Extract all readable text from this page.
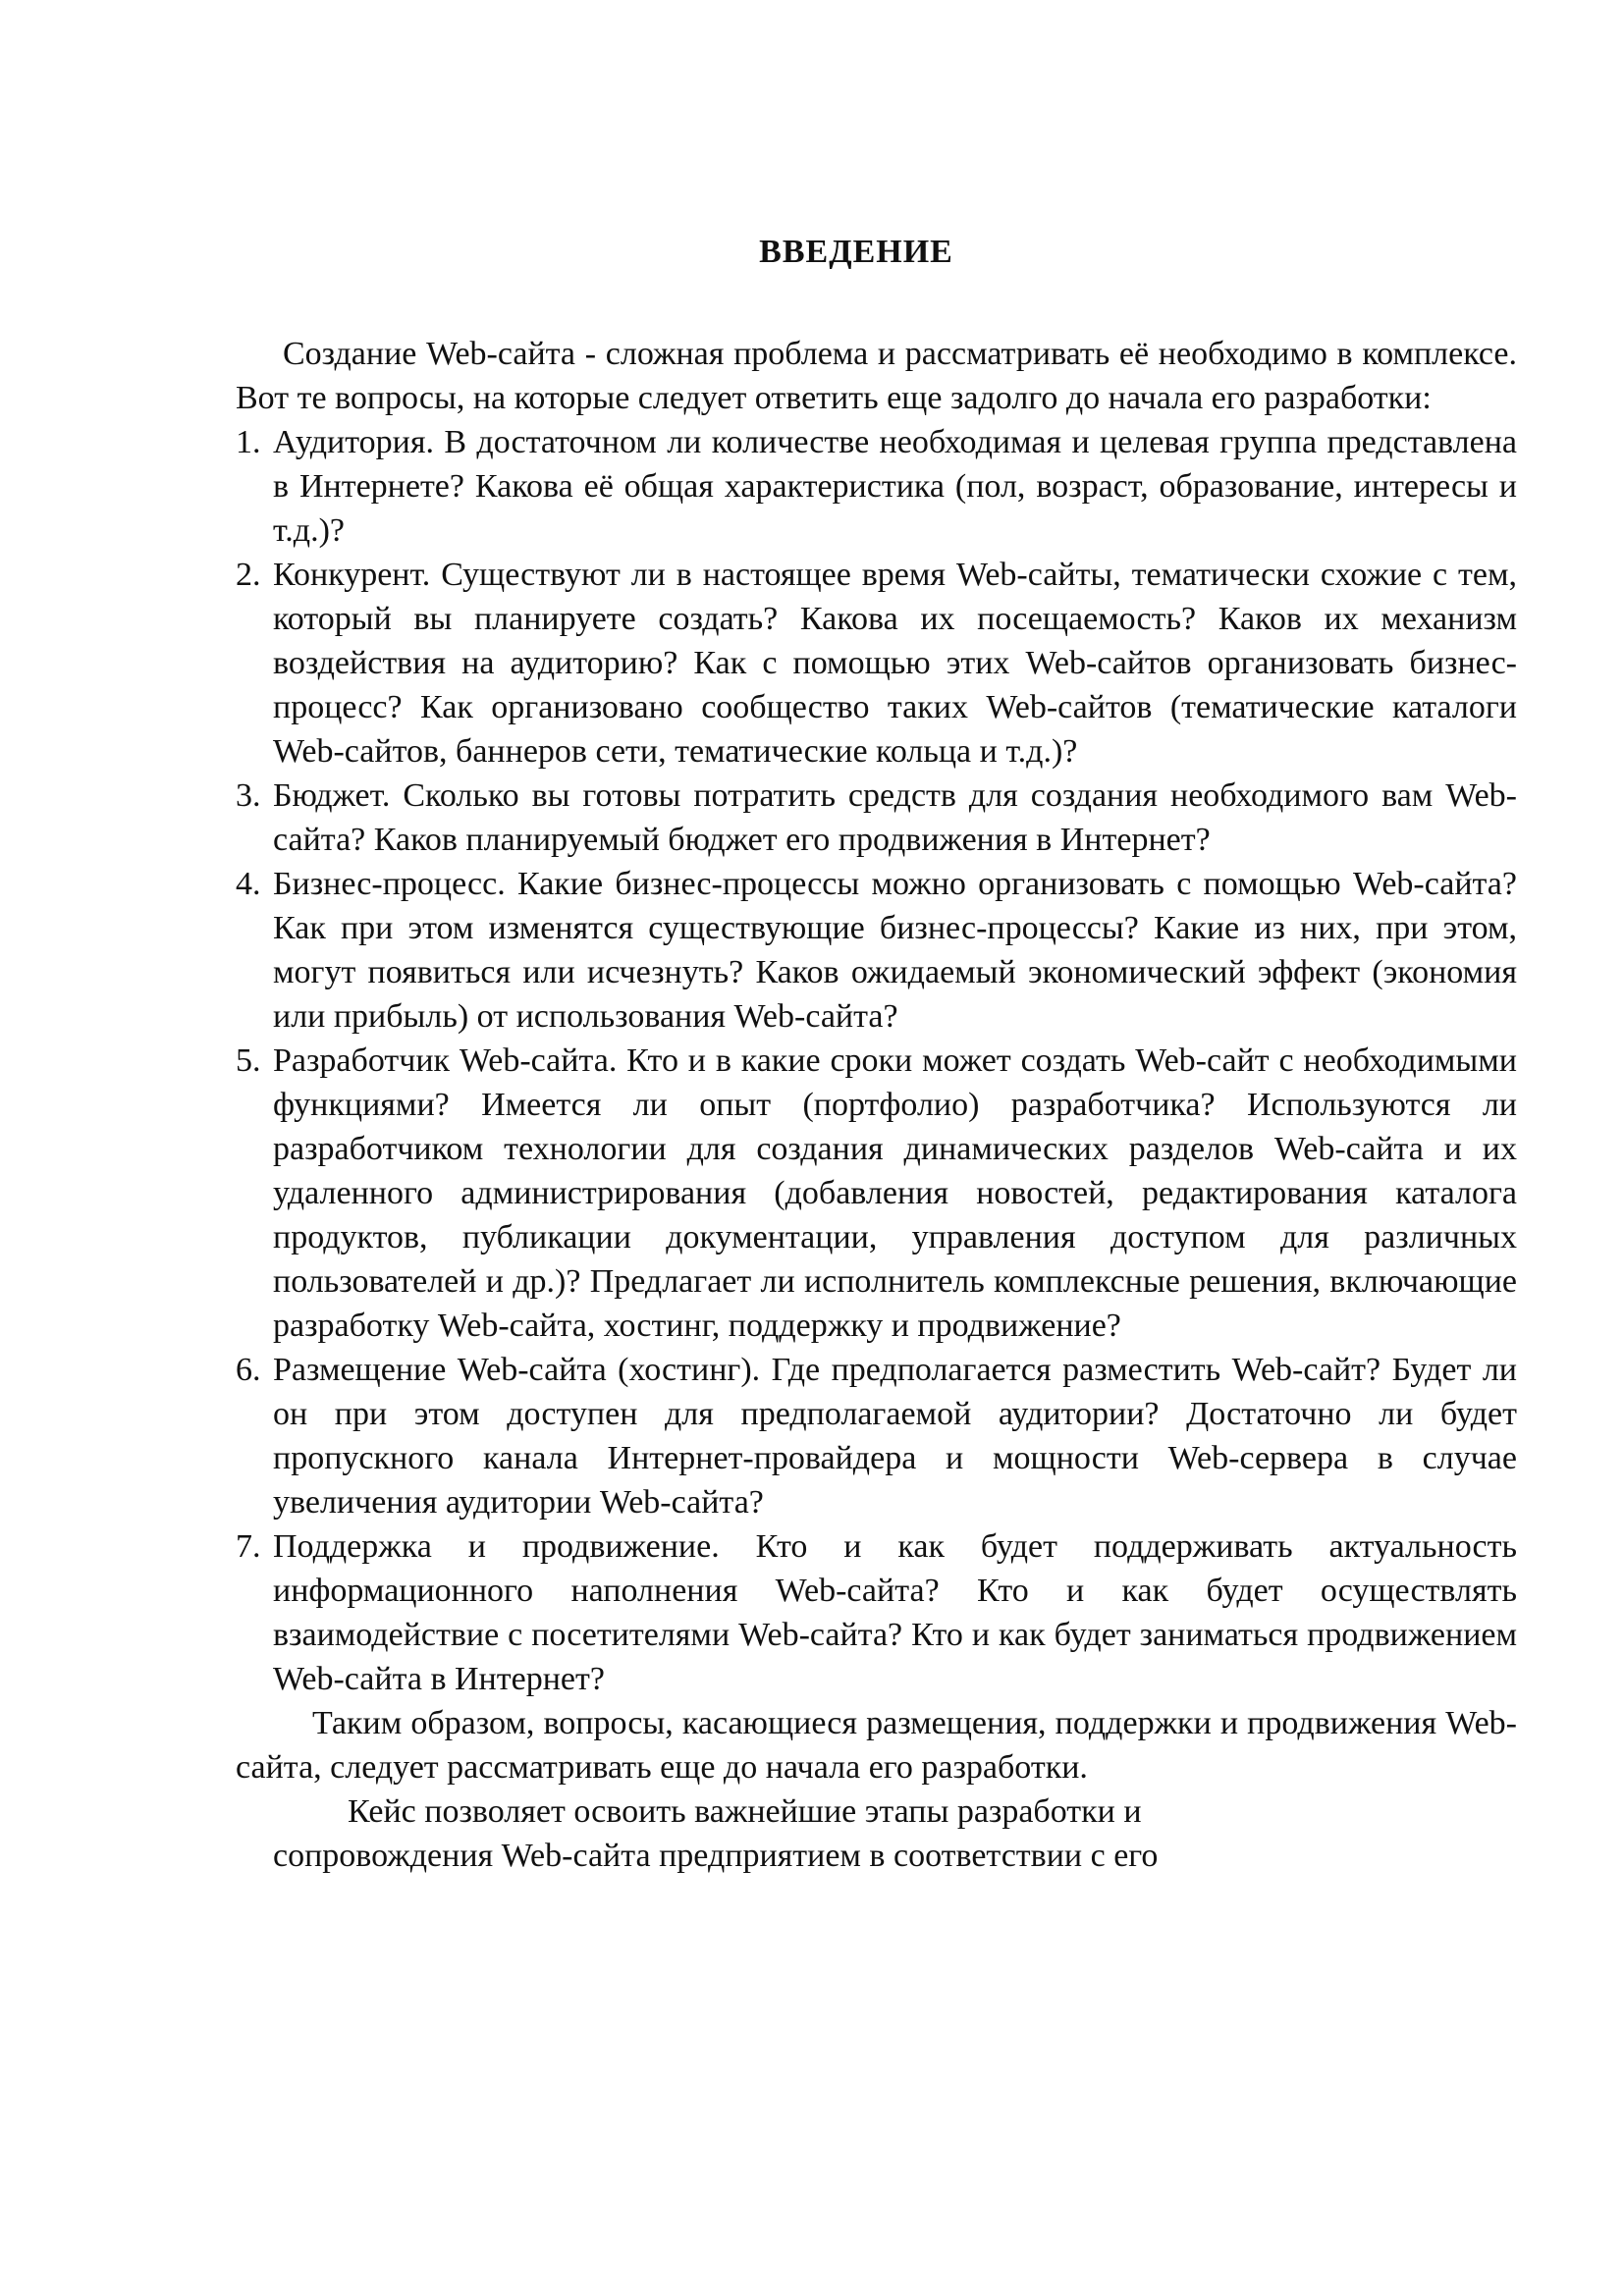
ВВЕДЕНИЕ

Создание Web-сайта - сложная проблема и рассматривать её необходимо в комплексе. Вот те вопросы, на которые следует ответить еще задолго до начала его разработки:

1. Аудитория. В достаточном ли количестве необходимая и целевая группа представлена в Интернете? Какова её общая характеристика (пол, возраст, образование, интересы и т.д.)?
2. Конкурент. Существуют ли в настоящее время Web-сайты, тематически схожие с тем, который вы планируете создать? Какова их посещаемость? Каков их механизм воздействия на аудиторию? Как с помощью этих Web-сайтов организовать бизнес-процесс? Как организовано сообщество таких Web-сайтов (тематические каталоги Web-сайтов, баннеров сети, тематические кольца и т.д.)?
3. Бюджет. Сколько вы готовы потратить средств для создания необходимого вам Web-сайта? Каков планируемый бюджет его продвижения в Интернет?
4. Бизнес-процесс. Какие бизнес-процессы можно организовать с помощью Web-сайта? Как при этом изменятся существующие бизнес-процессы? Какие из них, при этом, могут появиться или исчезнуть? Каков ожидаемый экономический эффект (экономия или прибыль) от использования Web-сайта?
5. Разработчик Web-сайта. Кто и в какие сроки может создать Web-сайт с необходимыми функциями? Имеется ли опыт (портфолио) разработчика? Используются ли разработчиком технологии для создания динамических разделов Web-сайта и их удаленного администрирования (добавления новостей, редактирования каталога продуктов, публикации документации, управления доступом для различных пользователей и др.)? Предлагает ли исполнитель комплексные решения, включающие разработку Web-сайта, хостинг, поддержку и продвижение?
6. Размещение Web-сайта (хостинг). Где предполагается разместить Web-сайт? Будет ли он при этом доступен для предполагаемой аудитории? Достаточно ли будет пропускного канала Интернет-провайдера и мощности Web-сервера в случае увеличения аудитории Web-сайта?
7. Поддержка и продвижение. Кто и как будет поддерживать актуальность информационного наполнения Web-сайта? Кто и как будет осуществлять взаимодействие с посетителями Web-сайта? Кто и как будет заниматься продвижением Web-сайта в Интернет?

Таким образом, вопросы, касающиеся размещения, поддержки и продвижения Web-сайта, следует рассматривать еще до начала его разработки.

Кейс позволяет освоить важнейшие этапы разработки и
сопровождения Web-сайта предприятием в соответствии с его
